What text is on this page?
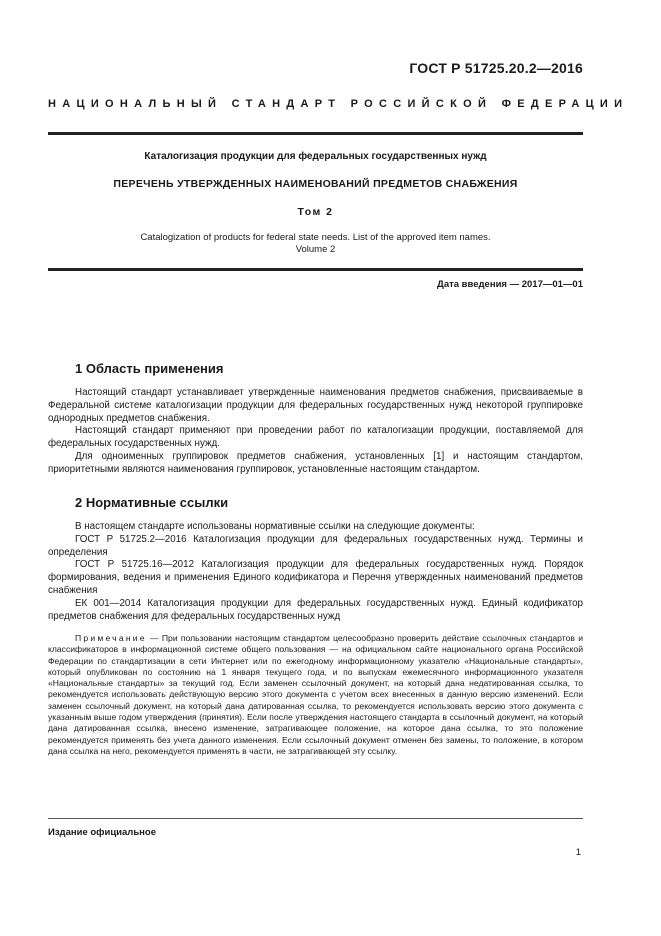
ГОСТ Р 51725.20.2—2016
НАЦИОНАЛЬНЫЙ СТАНДАРТ РОССИЙСКОЙ ФЕДЕРАЦИИ
Каталогизация продукции для федеральных государственных нужд
ПЕРЕЧЕНЬ УТВЕРЖДЕННЫХ НАИМЕНОВАНИЙ ПРЕДМЕТОВ СНАБЖЕНИЯ
Том 2
Catalogization of products for federal state needs. List of the approved item names.
Volume 2
Дата введения — 2017—01—01
1 Область применения

Настоящий стандарт устанавливает утвержденные наименования предметов снабжения, присваиваемые в Федеральной системе каталогизации продукции для федеральных государственных нужд некоторой группировке однородных предметов снабжения.

Настоящий стандарт применяют при проведении работ по каталогизации продукции, поставляемой для федеральных государственных нужд.

Для одноименных группировок предметов снабжения, установленных [1] и настоящим стандартом, приоритетными являются наименования группировок, установленные настоящим стандартом.

2 Нормативные ссылки

В настоящем стандарте использованы нормативные ссылки на следующие документы:

ГОСТ Р 51725.2—2016 Каталогизация продукции для федеральных государственных нужд. Термины и определения

ГОСТ Р 51725.16—2012 Каталогизация продукции для федеральных государственных нужд. Порядок формирования, ведения и применения Единого кодификатора и Перечня утвержденных наименований предметов снабжения

ЕК 001—2014 Каталогизация продукции для федеральных государственных нужд. Единый кодификатор предметов снабжения для федеральных государственных нужд

Примечание — При пользовании настоящим стандартом целесообразно проверить действие ссылочных стандартов и классификаторов в информационной системе общего пользования — на официальном сайте национального органа Российской Федерации по стандартизации в сети Интернет или по ежегодному информационному указателю «Национальные стандарты», который опубликован по состоянию на 1 января текущего года, и по выпускам ежемесячного информационного указателя «Национальные стандарты» за текущий год. Если заменен ссылочный документ, на который дана недатированная ссылка, то рекомендуется использовать действующую версию этого документа с учетом всех внесенных в данную версию изменений. Если заменен ссылочный документ, на который дана датированная ссылка, то рекомендуется использовать версию этого документа с указанным выше годом утверждения (принятия). Если после утверждения настоящего стандарта в ссылочный документ, на который дана датированная ссылка, внесено изменение, затрагивающее положение, на которое дана ссылка, то это положение рекомендуется применять без учета данного изменения. Если ссылочный документ отменен без замены, то положение, в котором дана ссылка на него, рекомендуется применять в части, не затрагивающей эту ссылку.

Издание официальное
1
